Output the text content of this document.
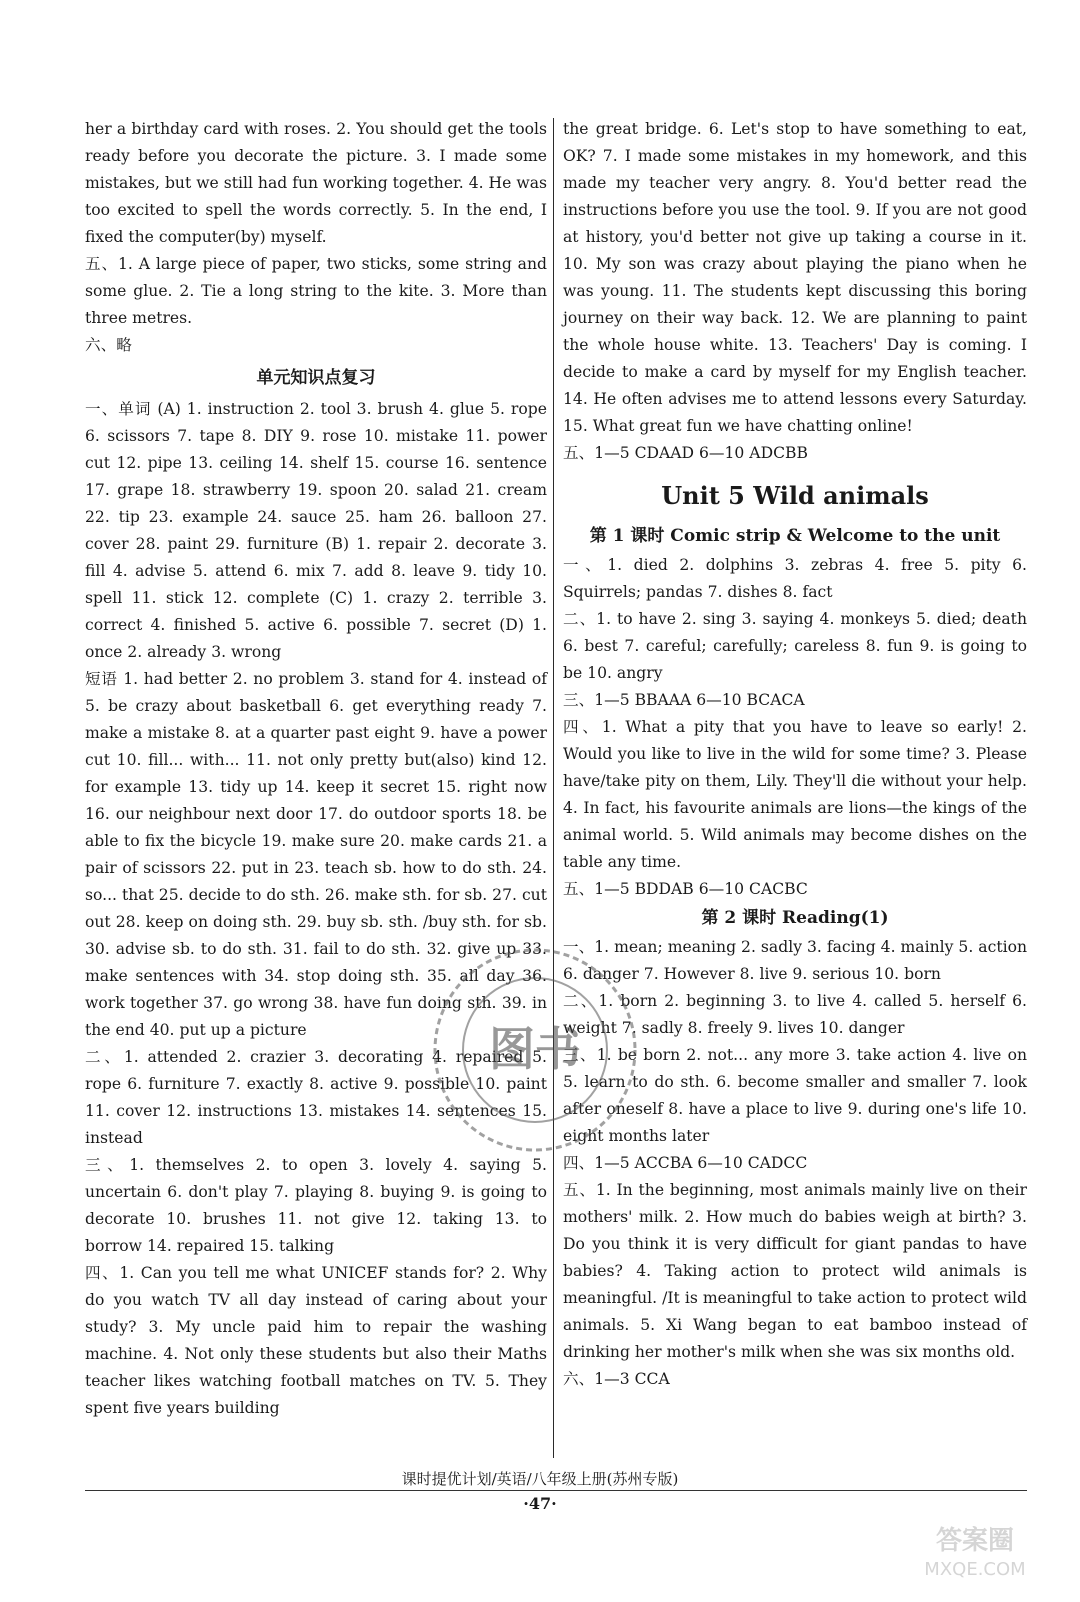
her a birthday card with roses. 2. You should get the tools ready before you decorate the picture. 3. I made some mistakes, but we still had fun working together. 4. He was too excited to spell the words correctly. 5. In the end, I fixed the computer(by) myself.

五、1. A large piece of paper, two sticks, some string and some glue. 2. Tie a long string to the kite. 3. More than three metres.

六、略

单元知识点复习

一、单词 (A) 1. instruction 2. tool 3. brush 4. glue 5. rope 6. scissors 7. tape 8. DIY 9. rose 10. mistake 11. power cut 12. pipe 13. ceiling 14. shelf 15. course 16. sentence 17. grape 18. strawberry 19. spoon 20. salad 21. cream 22. tip 23. example 24. sauce 25. ham 26. balloon 27. cover 28. paint 29. furniture (B) 1. repair 2. decorate 3. fill 4. advise 5. attend 6. mix 7. add 8. leave 9. tidy 10. spell 11. stick 12. complete (C) 1. crazy 2. terrible 3. correct 4. finished 5. active 6. possible 7. secret (D) 1. once 2. already 3. wrong

短语 1. had better 2. no problem 3. stand for 4. instead of 5. be crazy about basketball 6. get everything ready 7. make a mistake 8. at a quarter past eight 9. have a power cut 10. fill... with... 11. not only pretty but(also) kind 12. for example 13. tidy up 14. keep it secret 15. right now 16. our neighbour next door 17. do outdoor sports 18. be able to fix the bicycle 19. make sure 20. make cards 21. a pair of scissors 22. put in 23. teach sb. how to do sth. 24. so... that 25. decide to do sth. 26. make sth. for sb. 27. cut out 28. keep on doing sth. 29. buy sb. sth. /buy sth. for sb. 30. advise sb. to do sth. 31. fail to do sth. 32. give up 33. make sentences with 34. stop doing sth. 35. all day 36. work together 37. go wrong 38. have fun doing sth. 39. in the end 40. put up a picture

二、1. attended 2. crazier 3. decorating 4. repaired 5. rope 6. furniture 7. exactly 8. active 9. possible 10. paint 11. cover 12. instructions 13. mistakes 14. sentences 15. instead

三、1. themselves 2. to open 3. lovely 4. saying 5. uncertain 6. don't play 7. playing 8. buying 9. is going to decorate 10. brushes 11. not give 12. taking 13. to borrow 14. repaired 15. talking

四、1. Can you tell me what UNICEF stands for? 2. Why do you watch TV all day instead of caring about your study? 3. My uncle paid him to repair the washing machine. 4. Not only these students but also their Maths teacher likes watching football matches on TV. 5. They spent five years building

the great bridge. 6. Let's stop to have something to eat, OK? 7. I made some mistakes in my homework, and this made my teacher very angry. 8. You'd better read the instructions before you use the tool. 9. If you are not good at history, you'd better not give up taking a course in it. 10. My son was crazy about playing the piano when he was young. 11. The students kept discussing this boring journey on their way back. 12. We are planning to paint the whole house white. 13. Teachers' Day is coming. I decide to make a card by myself for my English teacher. 14. He often advises me to attend lessons every Saturday. 15. What great fun we have chatting online!

五、1—5 CDAAD 6—10 ADCBB

Unit 5 Wild animals
第 1 课时 Comic strip & Welcome to the unit

一、1. died 2. dolphins 3. zebras 4. free 5. pity 6. Squirrels; pandas 7. dishes 8. fact

二、1. to have 2. sing 3. saying 4. monkeys 5. died; death 6. best 7. careful; carefully; careless 8. fun 9. is going to be 10. angry

三、1—5 BBAAA 6—10 BCACA

四、1. What a pity that you have to leave so early! 2. Would you like to live in the wild for some time? 3. Please have/take pity on them, Lily. They'll die without your help. 4. In fact, his favourite animals are lions—the kings of the animal world. 5. Wild animals may become dishes on the table any time.

五、1—5 BDDAB 6—10 CACBC

第 2 课时 Reading(1)

一、1. mean; meaning 2. sadly 3. facing 4. mainly 5. action 6. danger 7. However 8. live 9. serious 10. born

二、1. born 2. beginning 3. to live 4. called 5. herself 6. weight 7. sadly 8. freely 9. lives 10. danger

三、1. be born 2. not... any more 3. take action 4. live on 5. learn to do sth. 6. become smaller and smaller 7. look after oneself 8. have a place to live 9. during one's life 10. eight months later

四、1—5 ACCBA 6—10 CADCC

五、1. In the beginning, most animals mainly live on their mothers' milk. 2. How much do babies weigh at birth? 3. Do you think it is very difficult for giant pandas to have babies? 4. Taking action to protect wild animals is meaningful. /It is meaningful to take action to protect wild animals. 5. Xi Wang began to eat bamboo instead of drinking her mother's milk when she was six months old.

六、1—3 CCA

图书
课时提优计划/英语/八年级上册(苏州专版)
·47·
答案圈
MXQE.COM
